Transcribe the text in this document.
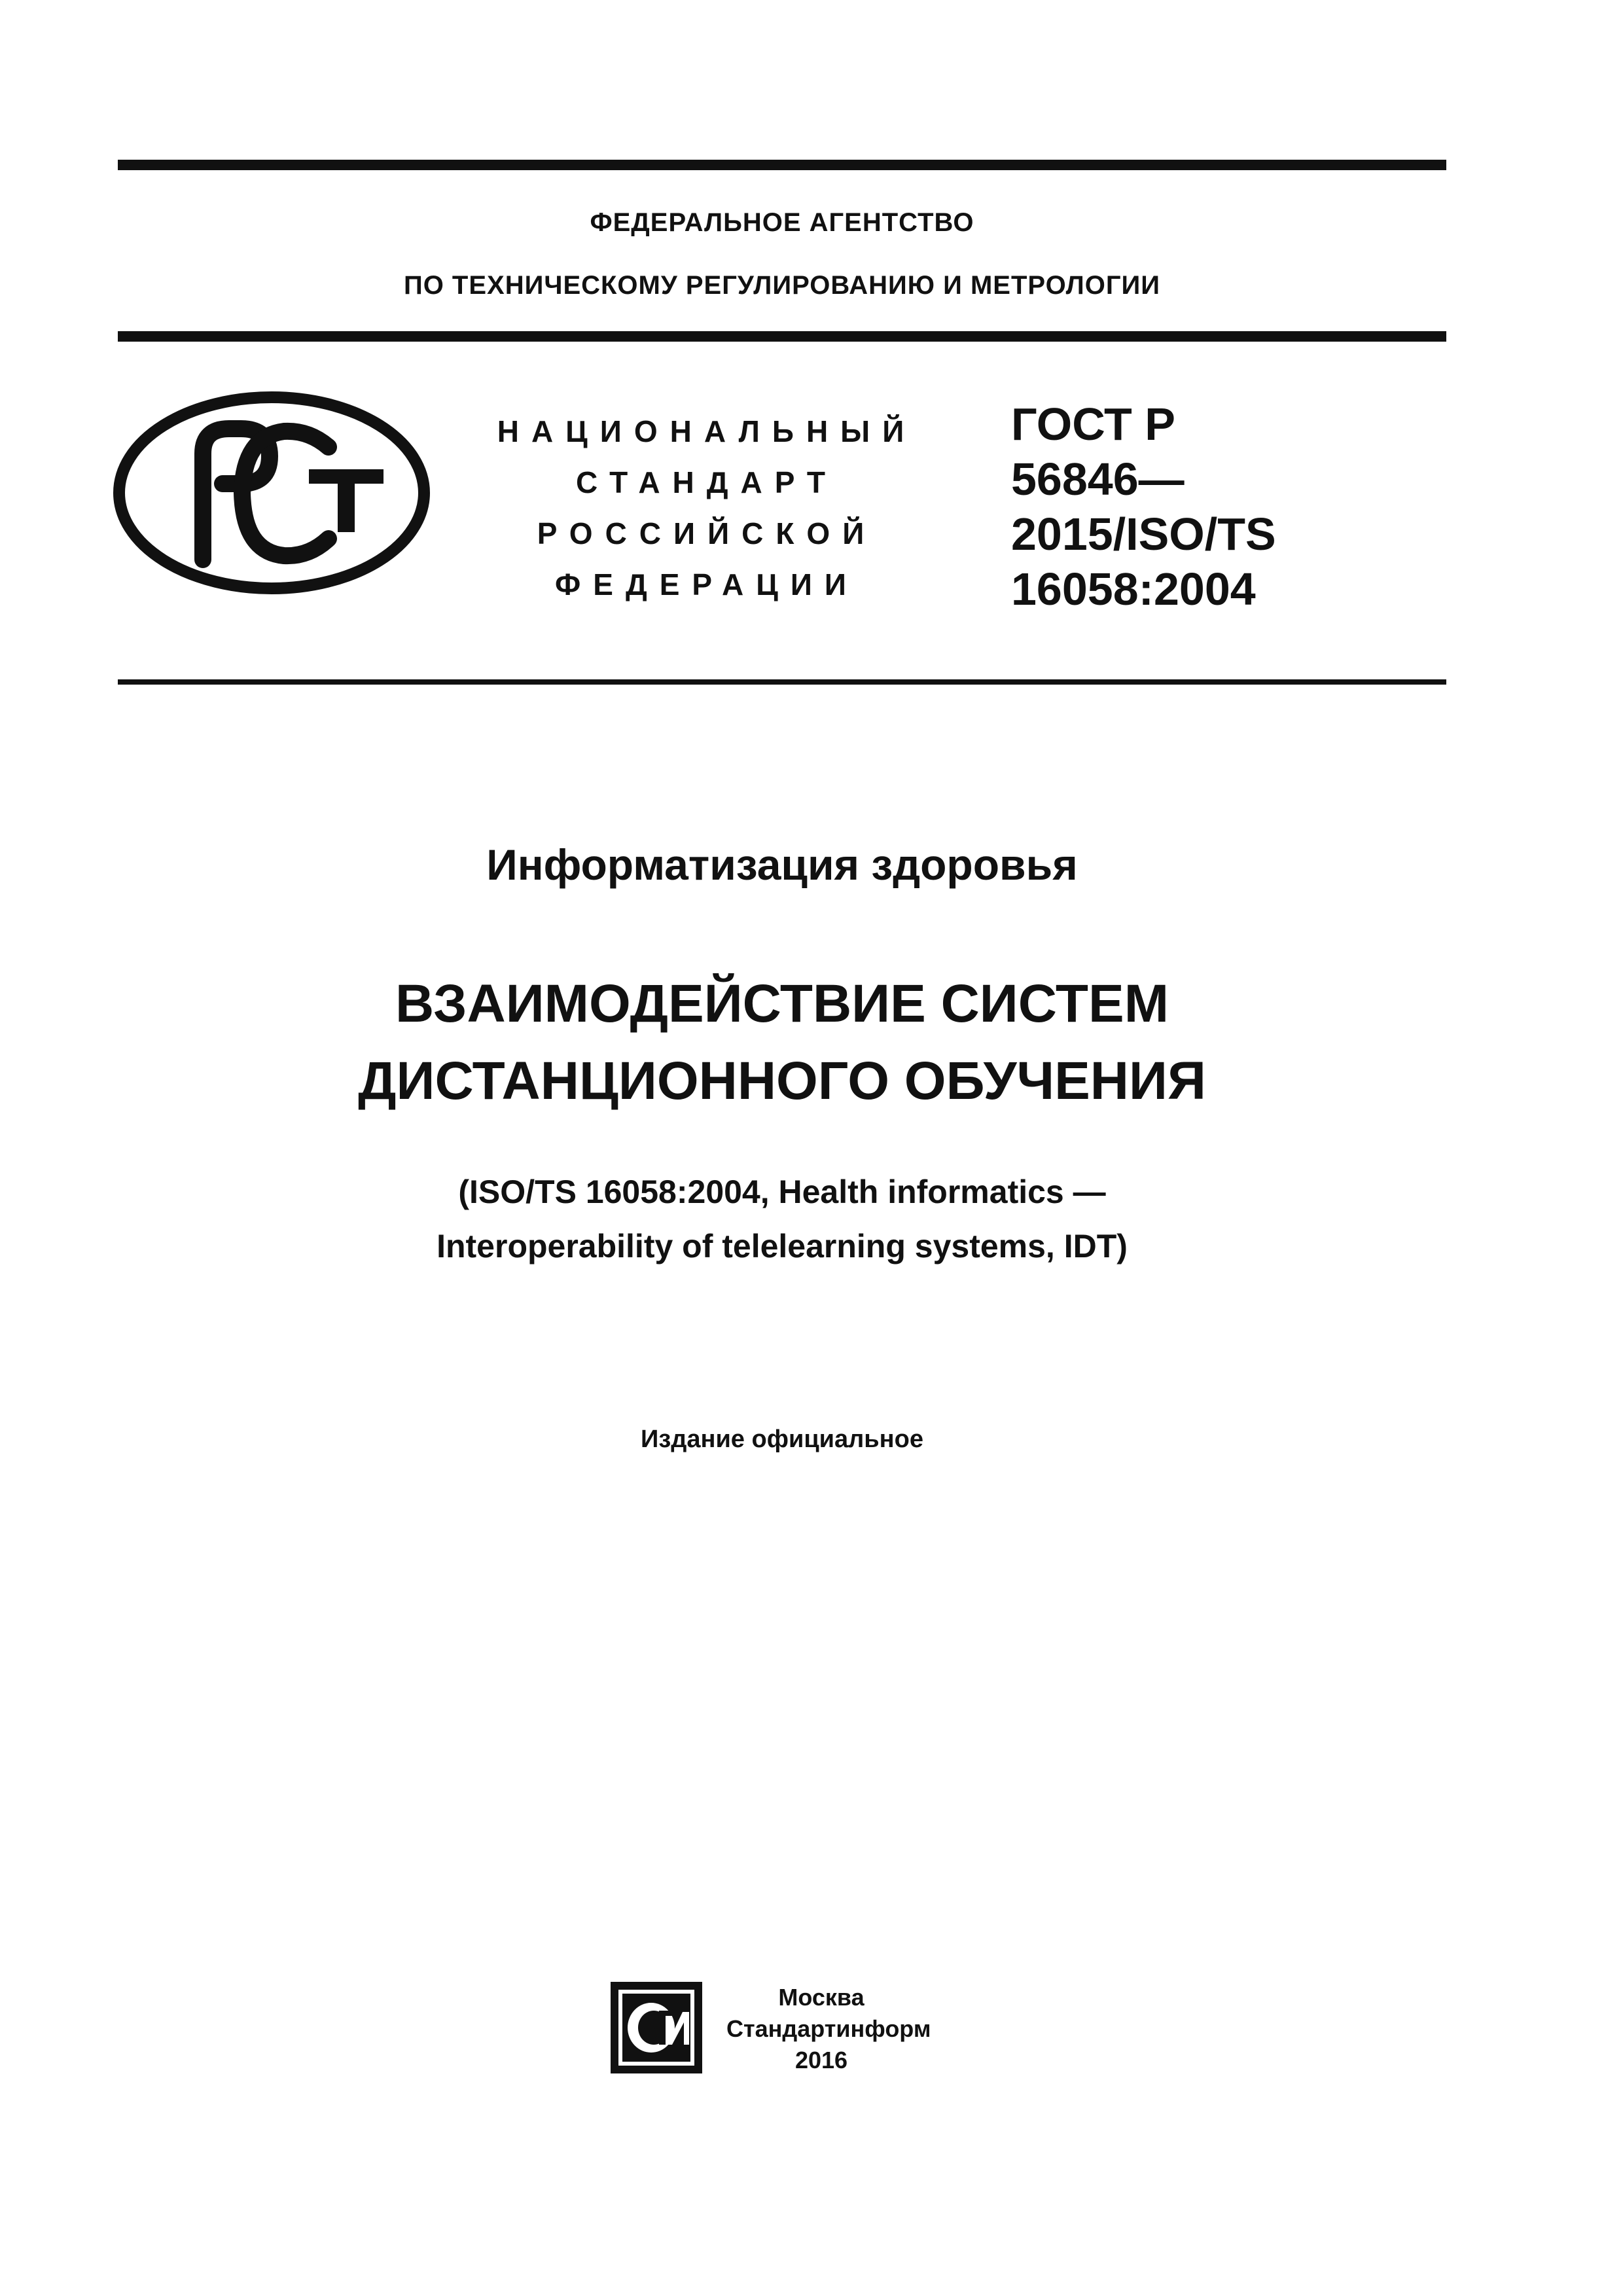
ФЕДЕРАЛЬНОЕ АГЕНТСТВО
ПО ТЕХНИЧЕСКОМУ РЕГУЛИРОВАНИЮ И МЕТРОЛОГИИ
РСТ
НАЦИОНАЛЬНЫЙ
СТАНДАРТ
РОССИЙСКОЙ
ФЕДЕРАЦИИ
ГОСТ Р
56846—
2015/ISO/TS
16058:2004
Информатизация здоровья
ВЗАИМОДЕЙСТВИЕ СИСТЕМ
ДИСТАНЦИОННОГО ОБУЧЕНИЯ
(ISO/TS 16058:2004, Health informatics —
Interoperability of telelearning systems, IDT)
Издание официальное
Москва
Стандартинформ
2016
